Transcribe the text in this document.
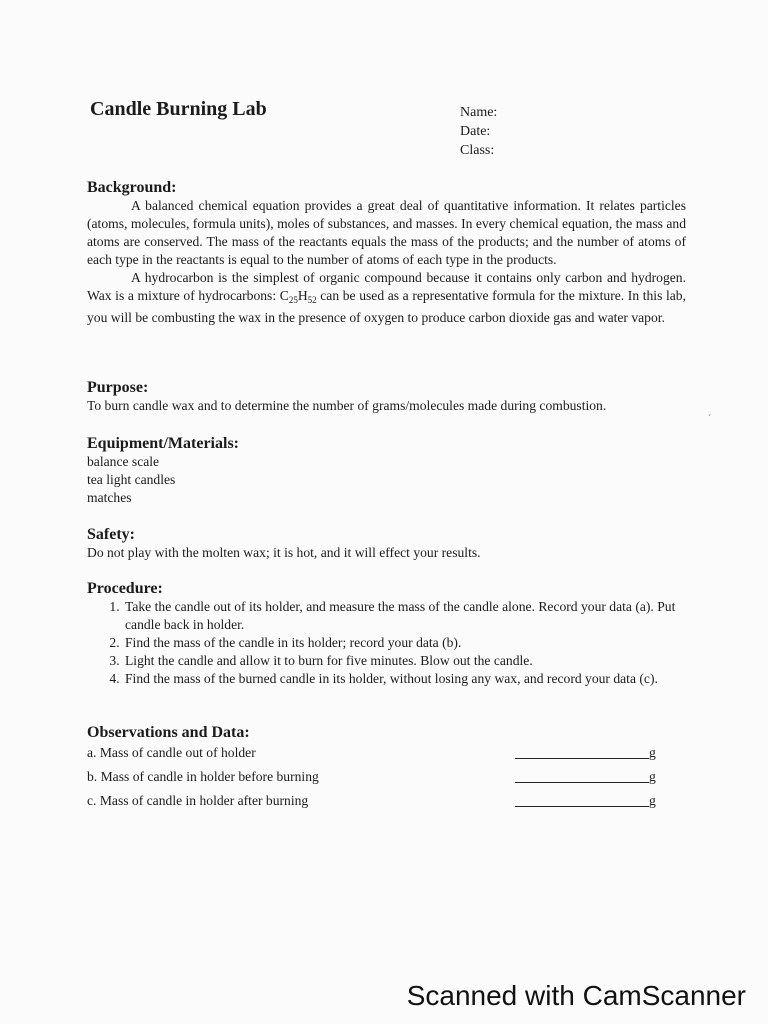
Candle Burning Lab	Name:
Date:
Class:
Background:

A balanced chemical equation provides a great deal of quantitative information. It relates particles (atoms, molecules, formula units), moles of substances, and masses. In every chemical equation, the mass and atoms are conserved. The mass of the reactants equals the mass of the products; and the number of atoms of each type in the reactants is equal to the number of atoms of each type in the products.

A hydrocarbon is the simplest of organic compound because it contains only carbon and hydrogen. Wax is a mixture of hydrocarbons: $C_{25}H_{52}$ can be used as a representative formula for the mixture. In this lab, you will be combusting the wax in the presence of oxygen to produce carbon dioxide gas and water vapor.

Purpose:

To burn candle wax and to determine the number of grams/molecules made during combustion.

Equipment/Materials:
balance scale
tea light candles
matches
Safety:

Do not play with the molten wax; it is hot, and it will effect your results.

Procedure:
1. Take the candle out of its holder, and measure the mass of the candle alone. Record your data (a). Put candle back in holder.
2. Find the mass of the candle in its holder; record your data (b).
3. Light the candle and allow it to burn for five minutes. Blow out the candle.
4. Find the mass of the burned candle in its holder, without losing any wax, and record your data (c).
Observations and Data:
a. Mass of candle out of holder	g
b. Mass of candle in holder before burning	g
c. Mass of candle in holder after burning	g
ˊ
Scanned with CamScanner
